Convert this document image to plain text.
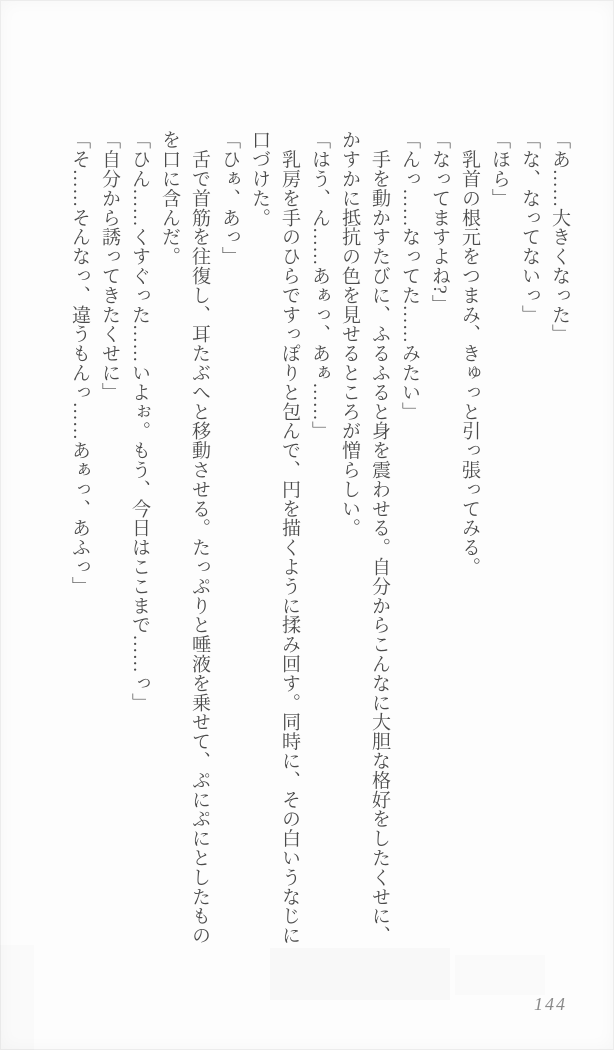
「あ……大きくなった」

「な、なってないっ」

「ほら」

　乳首の根元をつまみ、きゅっと引っ張ってみる。

「なってますよね?」

「んっ……なってた……みたい」

　手を動かすたびに、ふるふると身を震わせる。自分からこんなに大胆な格好をしたくせに、

かすかに抵抗の色を見せるところが憎らしい。

「はう、ん……あぁっ、あぁ……」

　乳房を手のひらですっぽりと包んで、円を描くように揉み回す。同時に、その白いうなじに

口づけた。

「ひぁ、あっ」

　舌で首筋を往復し、耳たぶへと移動させる。たっぷりと唾液を乗せて、ぷにぷにとしたもの

を口に含んだ。

「ひん……くすぐった……いよぉ。もう、今日はここまで……っ」

「自分から誘ってきたくせに」

「そ……そんなっ、違うもんっ……あぁっ、あふっ」

144
